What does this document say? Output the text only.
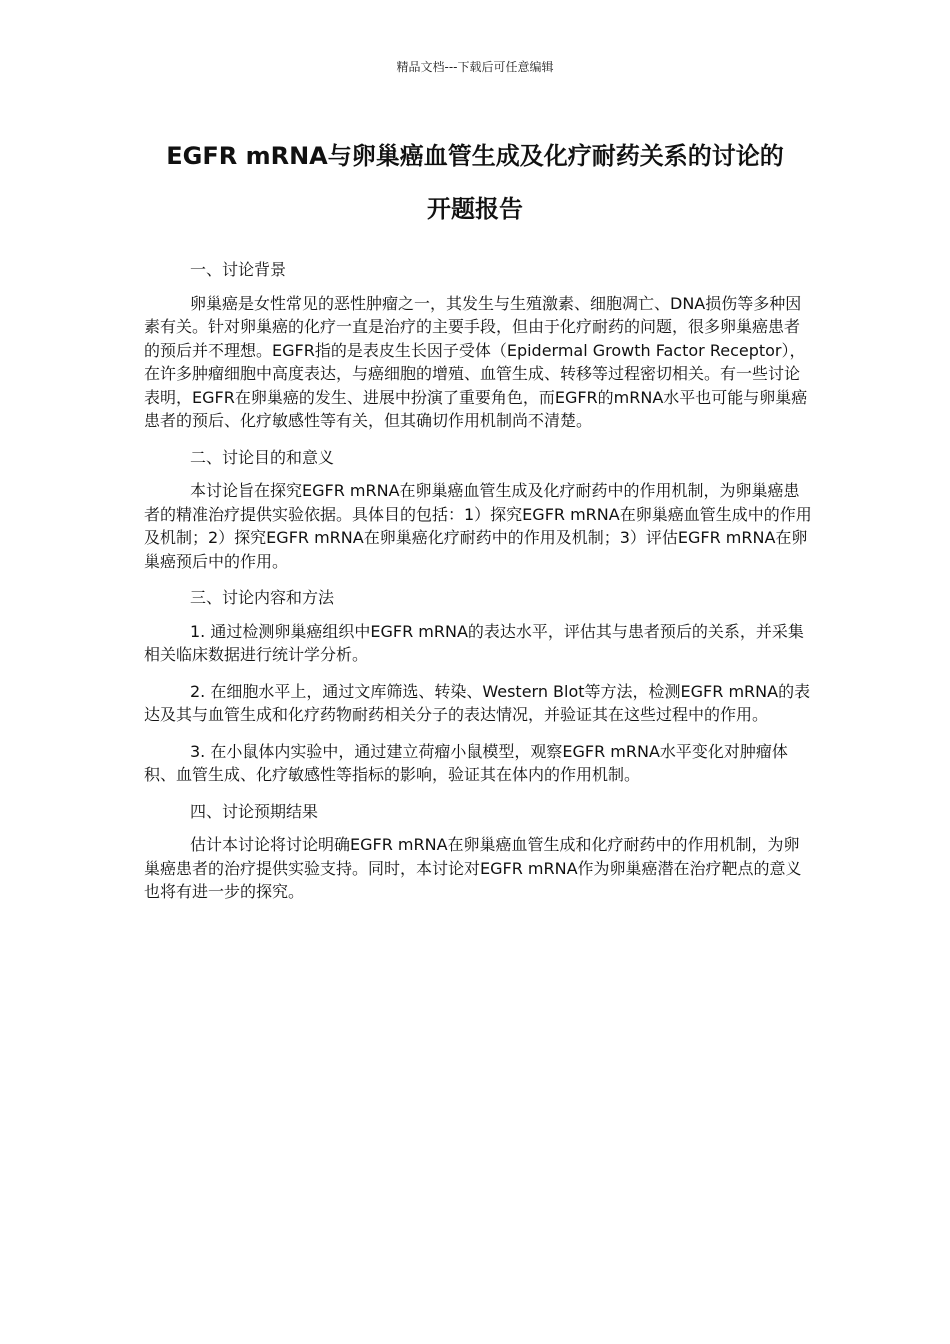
精品文档---下载后可任意编辑
EGFR mRNA与卵巢癌血管生成及化疗耐药关系的讨论的
开题报告

一、讨论背景

卵巢癌是女性常见的恶性肿瘤之一，其发生与生殖激素、细胞凋亡、DNA损伤等多种因素有关。针对卵巢癌的化疗一直是治疗的主要手段，但由于化疗耐药的问题，很多卵巢癌患者的预后并不理想。EGFR指的是表皮生长因子受体（Epidermal Growth Factor Receptor），在许多肿瘤细胞中高度表达，与癌细胞的增殖、血管生成、转移等过程密切相关。有一些讨论表明，EGFR在卵巢癌的发生、进展中扮演了重要角色，而EGFR的mRNA水平也可能与卵巢癌患者的预后、化疗敏感性等有关，但其确切作用机制尚不清楚。

二、讨论目的和意义

本讨论旨在探究EGFR mRNA在卵巢癌血管生成及化疗耐药中的作用机制，为卵巢癌患者的精准治疗提供实验依据。具体目的包括：1）探究EGFR mRNA在卵巢癌血管生成中的作用及机制；2）探究EGFR mRNA在卵巢癌化疗耐药中的作用及机制；3）评估EGFR mRNA在卵巢癌预后中的作用。

三、讨论内容和方法

1. 通过检测卵巢癌组织中EGFR mRNA的表达水平，评估其与患者预后的关系，并采集相关临床数据进行统计学分析。

2. 在细胞水平上，通过文库筛选、转染、Western Blot等方法，检测EGFR mRNA的表达及其与血管生成和化疗药物耐药相关分子的表达情况，并验证其在这些过程中的作用。

3. 在小鼠体内实验中，通过建立荷瘤小鼠模型，观察EGFR mRNA水平变化对肿瘤体积、血管生成、化疗敏感性等指标的影响，验证其在体内的作用机制。

四、讨论预期结果

估计本讨论将讨论明确EGFR mRNA在卵巢癌血管生成和化疗耐药中的作用机制，为卵巢癌患者的治疗提供实验支持。同时，本讨论对EGFR mRNA作为卵巢癌潜在治疗靶点的意义也将有进一步的探究。
